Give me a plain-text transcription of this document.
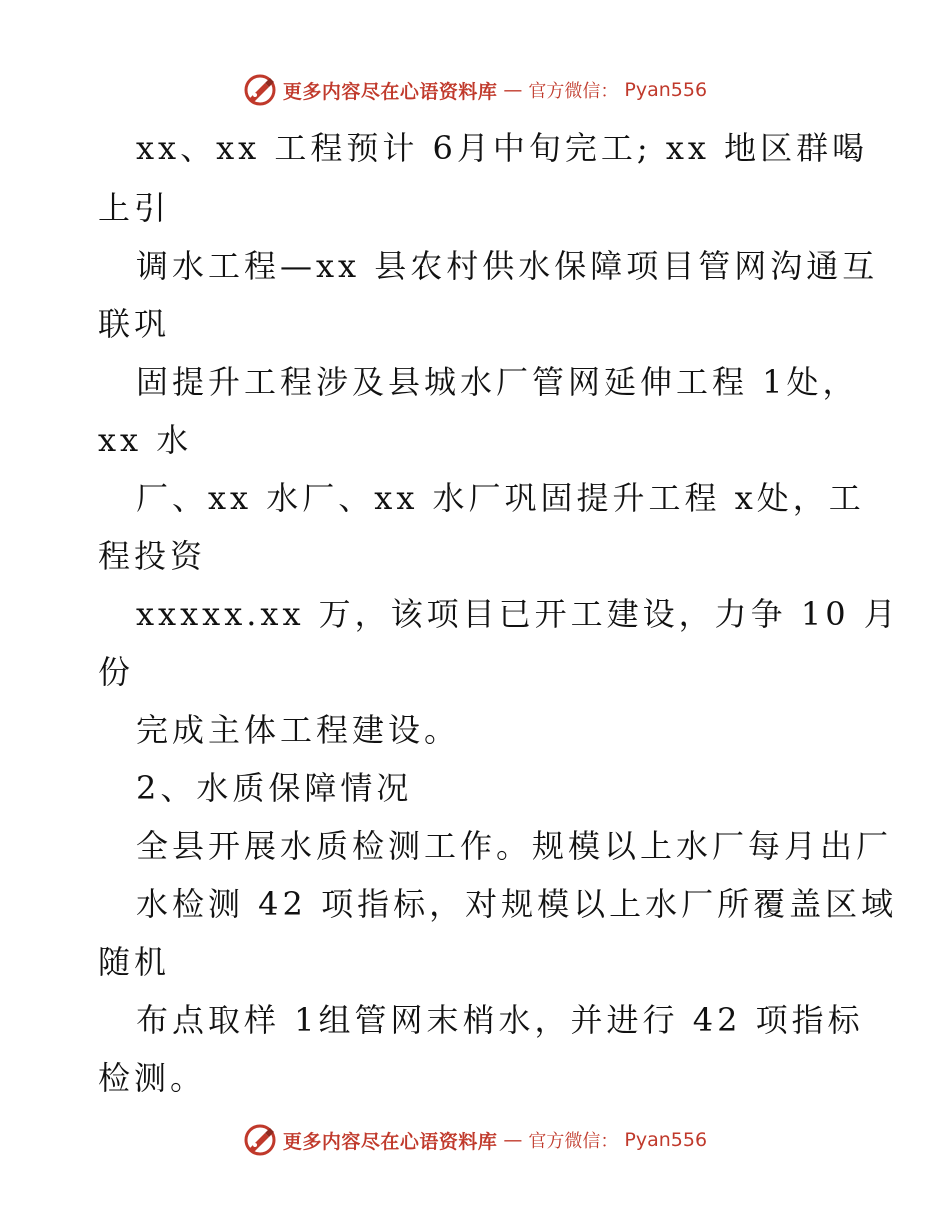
更多内容尽在心语资料库 — 官方微信： Pyan556
xx、xx 工程预计 6月中旬完工; xx 地区群喝
上引
调水工程—xx 县农村供水保障项目管网沟通互
联巩
固提升工程涉及县城水厂管网延伸工程 1处，
xx 水
厂、xx 水厂、xx 水厂巩固提升工程 x处，工
程投资
xxxxx.xx 万，该项目已开工建设，力争 10 月
份
完成主体工程建设。
2、水质保障情况
全县开展水质检测工作。规模以上水厂每月出厂
水检测 42 项指标，对规模以上水厂所覆盖区域
随机
布点取样 1组管网末梢水，并进行 42 项指标
检测。
更多内容尽在心语资料库 — 官方微信： Pyan556
